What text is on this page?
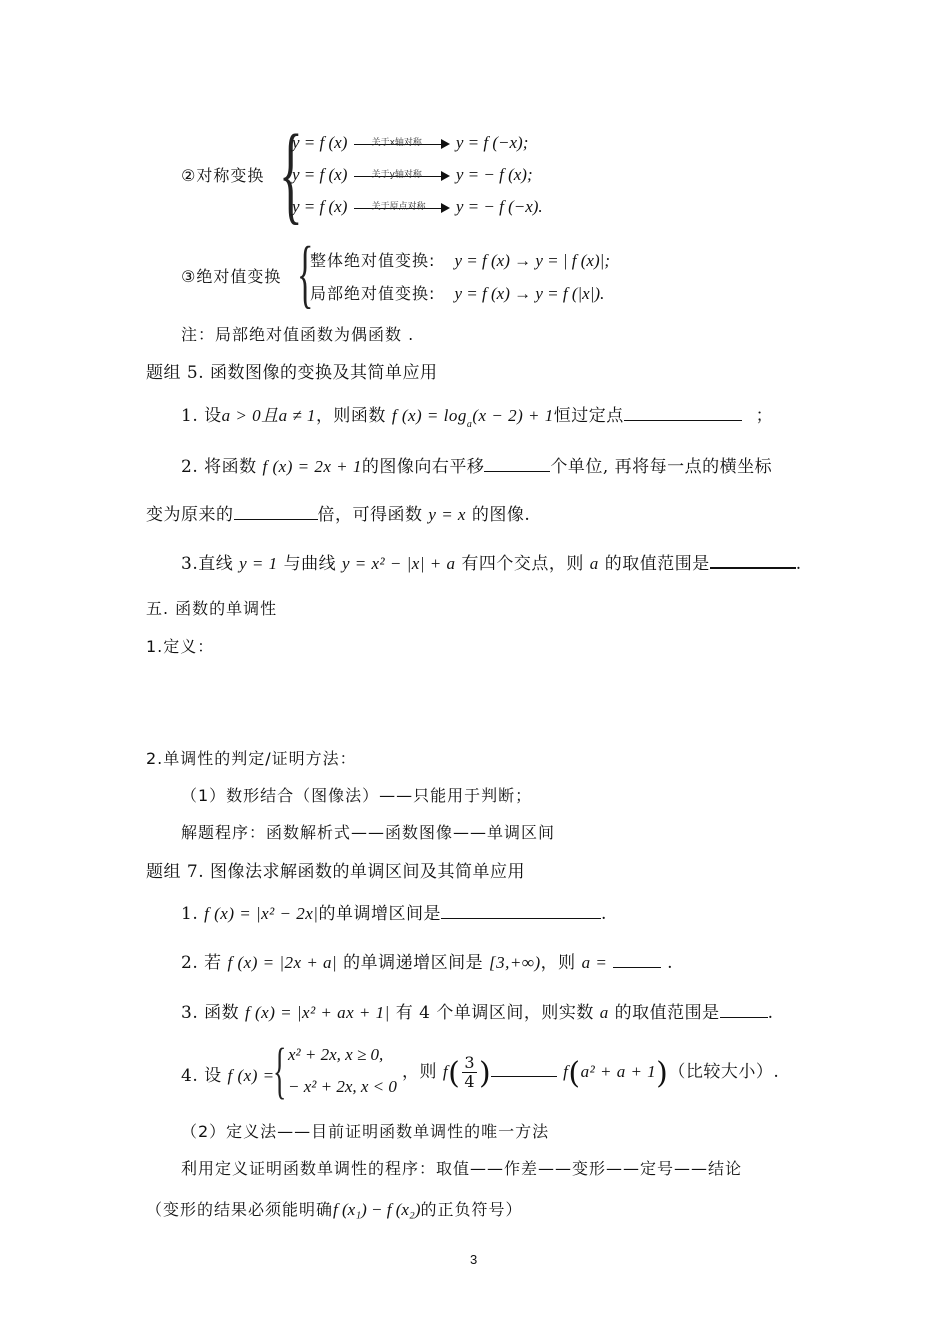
②对称变换 {
y = f (x)	关于x轴对称 y = f (−x);
y = f (x)	关于y轴对称 y = − f (x);
y = f (x)	关于原点对称 y = − f (−x).
③绝对值变换 {
整体绝对值变换: y = f (x) → y = | f (x)|;
局部绝对值变换: y = f (x) → y = f (|x|).
注：局部绝对值函数为偶函数 .
题组 5. 函数图像的变换及其简单应用
1. 设a > 0且a ≠ 1，则函数 f $(x) = \log_a(x - 2) + 1$恒过定点	；
2. 将函数 f (x) = 2x + 1的图像向右平移	个单位, 再将每一点的横坐标
变为原来的	倍，可得函数 y = x 的图像.
3.直线 y = 1 与曲线 y = x² − |x| + a 有四个交点，则 a 的取值范围是	.
五. 函数的单调性
1.定义：
2.单调性的判定/证明方法：
（1）数形结合（图像法）——只能用于判断；
解题程序：函数解析式——函数图像——单调区间
题组 7. 图像法求解函数的单调区间及其简单应用
1. f (x) = |x² − 2x|的单调增区间是	.
2. 若 f (x) = |2x + a| 的单调递增区间是 [3,+∞)，则 a =	.
3. 函数 f (x) = |x² + ax + 1| 有 4 个单调区间，则实数 a 的取值范围是	.
4. 设 f (x) =
{ x² + 2x, x ≥ 0,
− x² + 2x, x < 0
，则 $f( \frac{3}{4}$ )	f(a² + a + 1)（比较大小）.
（2）定义法——目前证明函数单调性的唯一方法
利用定义证明函数单调性的程序：取值——作差——变形——定号——结论
（变形的结果必须能明确f (x₁) − f (x₂)的正负符号）
3
